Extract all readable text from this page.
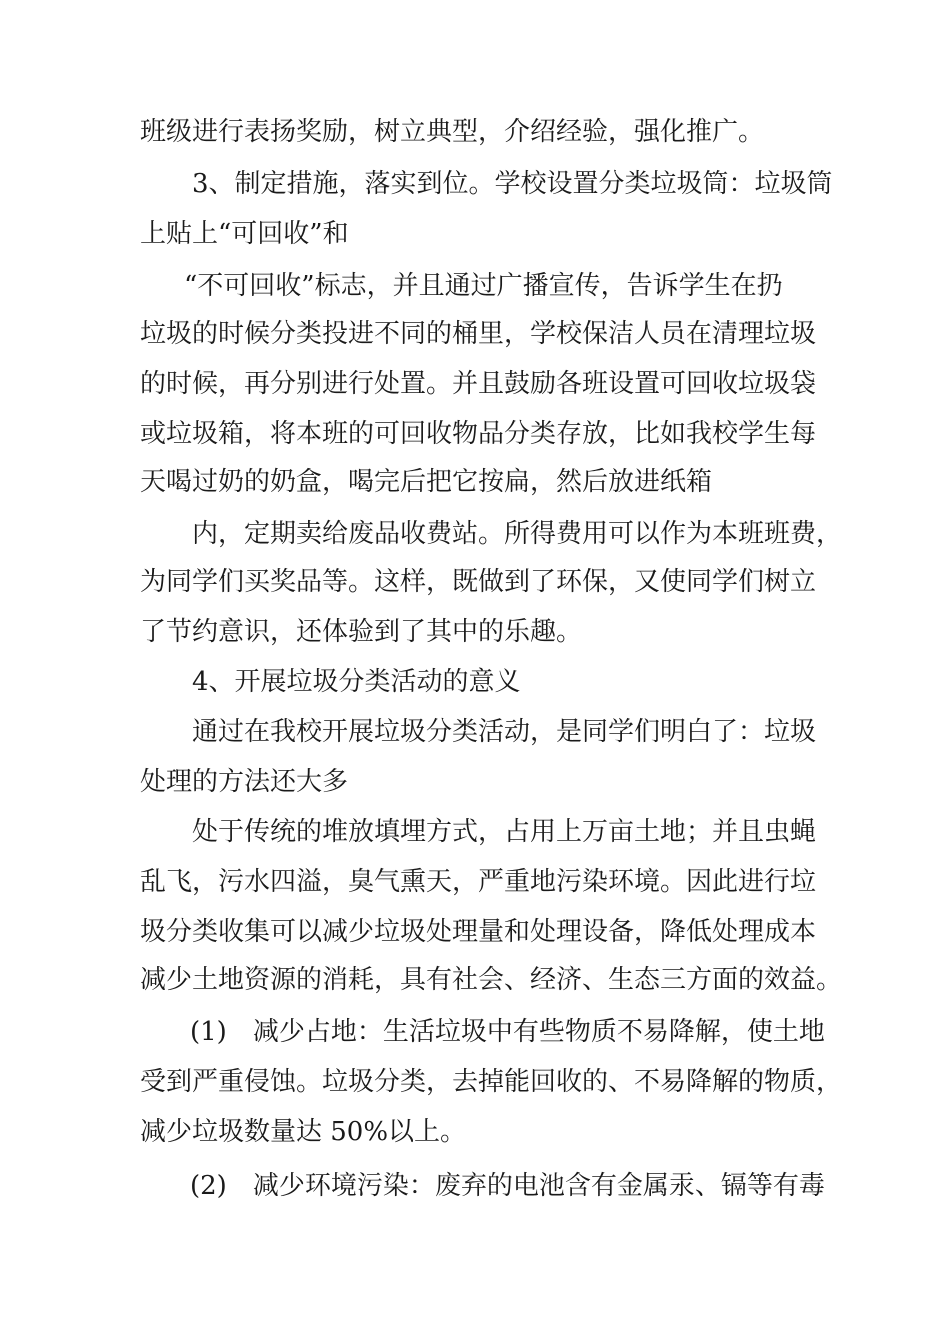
班级进行表扬奖励，树立典型，介绍经验，强化推广。
3、制定措施，落实到位。学校设置分类垃圾筒：垃圾筒
上贴上“可回收”和
“不可回收”标志，并且通过广播宣传，告诉学生在扔
垃圾的时候分类投进不同的桶里，学校保洁人员在清理垃圾
的时候，再分别进行处置。并且鼓励各班设置可回收垃圾袋
或垃圾箱，将本班的可回收物品分类存放，比如我校学生每
天喝过奶的奶盒，喝完后把它按扁，然后放进纸箱
内，定期卖给废品收费站。所得费用可以作为本班班费，
为同学们买奖品等。这样，既做到了环保，又使同学们树立
了节约意识，还体验到了其中的乐趣。
4、开展垃圾分类活动的意义
通过在我校开展垃圾分类活动，是同学们明白了：垃圾
处理的方法还大多
处于传统的堆放填埋方式，占用上万亩土地；并且虫蝇
乱飞，污水四溢，臭气熏天，严重地污染环境。因此进行垃
圾分类收集可以减少垃圾处理量和处理设备，降低处理成本
减少土地资源的消耗，具有社会、经济、生态三方面的效益。
(1)　减少占地：生活垃圾中有些物质不易降解，使土地
受到严重侵蚀。垃圾分类，去掉能回收的、不易降解的物质，
减少垃圾数量达 50%以上。
(2)　减少环境污染：废弃的电池含有金属汞、镉等有毒
